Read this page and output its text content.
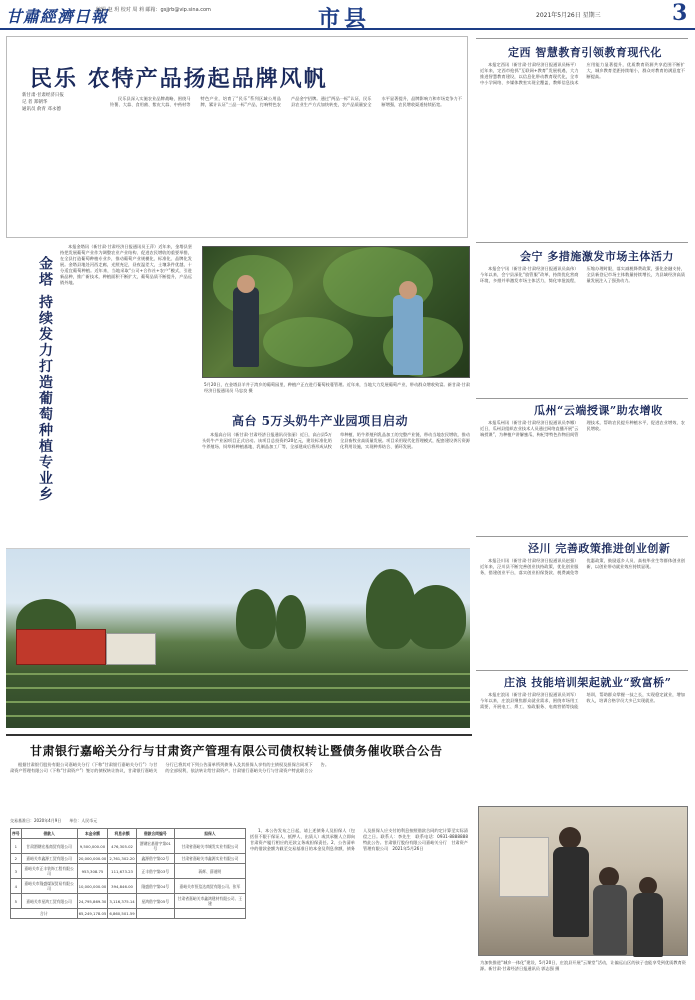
甘肅經濟日報
编辑 赵 玥 校对 周 莉 邮箱：gsjjrb@vip.sina.com	市县	2021年5月26日 星期三	3
民乐 农特产品扬起品牌风帆
新甘肃·甘肃经济日报
记 者 郑朝华
通讯员 俞青 邓永德

民乐县深入实施农业品牌战略，围绕马铃薯、大蒜、食用菌、紫皮大蒜、中药材等特色产业，培育了“民乐”系列区域公用品牌，累计认证“三品一标”产品，打响特色农产品金字招牌。通过“两品一标”认证，民乐县农业生产方式加快转变，农产品质量安全水平显著提升，品牌影响力和市场竞争力不断增强，农民增收渠道持续拓宽。

金塔 持续发力打造葡萄种植专业乡

本报金塔讯（新甘肃·甘肃经济日报通讯员王萍）近年来，金塔县坚持把发展葡萄产业作为调整农业产业结构、促进农民增收的重要举措，在全县打造葡萄种植专业乡，推动葡萄产业规模化、标准化、品牌化发展。金塔县地处河西走廊，光照充足，昼夜温差大，土壤条件优越，十分适宜葡萄种植。近年来，当地采取“公司+合作社+农户”模式，引进新品种，推广新技术，种植面积不断扩大，葡萄品质不断提升，产品远销外地。

5月20日，在金塔县羊井子湾乡的葡萄园里，种植户正在进行葡萄枝蔓管理。近年来，当地大力发展葡萄产业，带动群众增收致富。新甘肃·甘肃经济日报通讯员 马忠良 摄
高台 5万头奶牛产业园项目启动

本报高台讯（新甘肃·甘肃经济日报通讯员张丽）近日，高台县5万头奶牛产业园项目正式启动。该项目总投资约20亿元，建设标准化奶牛养殖场、饲草料种植基地、乳制品加工厂等，全部建成后将形成从牧草种植、奶牛养殖到乳品加工的完整产业链，带动当地农民增收，推动全县畜牧业高质量发展。项目采用现代化管理模式，配套建设粪污资源化利用设施，实现种养结合、循环发展。

定西 智慧教育引领教育现代化

本报定西讯（新甘肃·甘肃经济日报通讯员杨平）近年来，定西市抢抓“互联网+教育”发展机遇，大力推进智慧教育建设，以信息化带动教育现代化，全市中小学网络、多媒体教室实现全覆盖，教师信息技术应用能力显著提升，优质教育资源共享范围不断扩大，城乡教育差距持续缩小，群众对教育的满意度不断提高。

会宁 多措施激发市场主体活力

本报会宁讯（新甘肃·甘肃经济日报通讯员高伟）今年以来，会宁县深化“放管服”改革，持续优化营商环境，多措并举激发市场主体活力，简化审批流程，压缩办理时限，落实减税降费政策，强化金融支持，全县新登记市场主体数量持续增长，为县域经济高质量发展注入了强劲动力。

瓜州“云端授课”助农增收

本报瓜州讯（新甘肃·甘肃经济日报通讯员李娜）近日，瓜州县组织农业技术人员通过网络直播开展“云端授课”，为种植户讲解蜜瓜、枸杞等特色作物田间管理技术，帮助农民提升种植水平，促进农业增效、农民增收。

泾川 完善政策推进创业创新

本报泾川讯（新甘肃·甘肃经济日报通讯员赵强）近年来，泾川县不断完善创业扶持政策，优化创业服务，搭建创业平台，落实创业担保贷款、税费减免等优惠政策，鼓励返乡人员、高校毕业生等群体创业创新，以创业带动就业效应持续显现。

庄浪 技能培训架起就业“致富桥”

本报庄浪讯（新甘肃·甘肃经济日报通讯员刘军）今年以来，庄浪县聚焦群众就业需求，围绕市场用工需要，开展电工、焊工、家政服务、电商营销等技能培训，帮助群众掌握一技之长，实现稳定就业，增加收入，培训合格学员大多已实现就业。

甘肃银行嘉峪关分行与甘肃资产管理有限公司债权转让暨债务催收联合公告

根据甘肃银行股份有限公司嘉峪关分行（下称“甘肃银行嘉峪关分行”）与甘肃资产管理有限公司（下称“甘肃资产”）签订的债权转让协议，甘肃银行嘉峪关分行已将其对下列公告清单所列债务人及其担保人享有的主债权及担保合同项下的全部权利，依法转让给甘肃资产。甘肃银行嘉峪关分行与甘肃资产特此联合公告。

交易基准日：2020年4月9日　　单位：人民币元
序号	借款人	本金余额	利息余额	借款合同编号	担保人
1	甘肃酒钢宏基商贸有限公司	9,500,000.00	476,305.02	酒钢宏基借字第01号	甘肃省嘉峪关市城发实业有限公司
2	嘉峪关市鑫源工贸有限公司	20,000,000.00	2,761,302.20	鑫源借字第02号	甘肃省嘉峪关市鑫源实业有限公司
3	嘉峪关市正丰装饰工程有限公司	953,308.75	111,673.23	正丰借字第03号	蒋辉、薛道明
4	嘉峪关市隆盛煤炭贸易有限公司	10,000,000.00	394,846.00	隆盛借字第04号	嘉峪关市恒信达商贸有限公司、张军
5	嘉峪关市星鸿工贸有限公司	24,795,869.30	3,116,375.14	星鸿借字第05号	甘肃省嘉峪关市鑫鸿建材有限公司、王建
合计		65,249,178.05	6,860,501.59		

1、本公告发布之日起，请上述债务人及担保人（包括但不限于保证人、抵押人、出质人）或其承继人立即向甘肃资产履行相应的还款义务或担保责任。2、公告清单中的借款金额为截至交易基准日的本金及利息余额，债务人及担保人应支付的利息按照借款合同约定计算至实际清偿之日。联系人：李先生　联系电话：0931-8888888　特此公告。甘肃银行股份有限公司嘉峪关分行　甘肃资产管理有限公司　2021年5月26日

为加快推进“城乡一体化”建设，5月20日，庄浪县开展“云课堂”活动，让偏远山区的孩子也能享受到优质教育资源。新甘肃·甘肃经济日报通讯员 郭志强 摄
